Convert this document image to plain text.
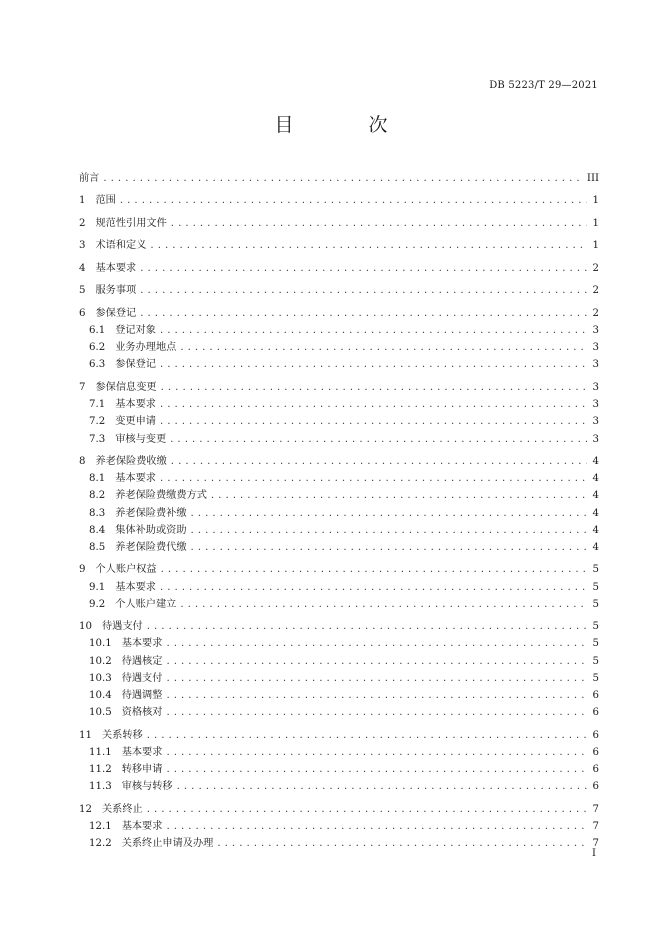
DB 5223/T 29—2021
目　次
前言 . . .	III
1 范围 . . .	1
2 规范性引用文件 . . .	1
3 术语和定义 . . .	1
4 基本要求 . . .	2
5 服务事项 . . .	2
6 参保登记 . . .	2
6.1 登记对象 . . .	3
6.2 业务办理地点 . . .	3
6.3 参保登记 . . .	3
7 参保信息变更 . . .	3
7.1 基本要求 . . .	3
7.2 变更申请 . . .	3
7.3 审核与变更 . . .	3
8 养老保险费收缴 . . .	4
8.1 基本要求 . . .	4
8.2 养老保险费缴费方式 . . .	4
8.3 养老保险费补缴 . . .	4
8.4 集体补助或资助 . . .	4
8.5 养老保险费代缴 . . .	4
9 个人账户权益 . . .	5
9.1 基本要求 . . .	5
9.2 个人账户建立 . . .	5
10 待遇支付 . . .	5
10.1 基本要求 . . .	5
10.2 待遇核定 . . .	5
10.3 待遇支付 . . .	5
10.4 待遇调整 . . .	6
10.5 资格核对 . . .	6
11 关系转移 . . .	6
11.1 基本要求 . . .	6
11.2 转移申请 . . .	6
11.3 审核与转移 . . .	6
12 关系终止 . . .	7
12.1 基本要求 . . .	7
12.2 关系终止申请及办理 . . .	7
I
